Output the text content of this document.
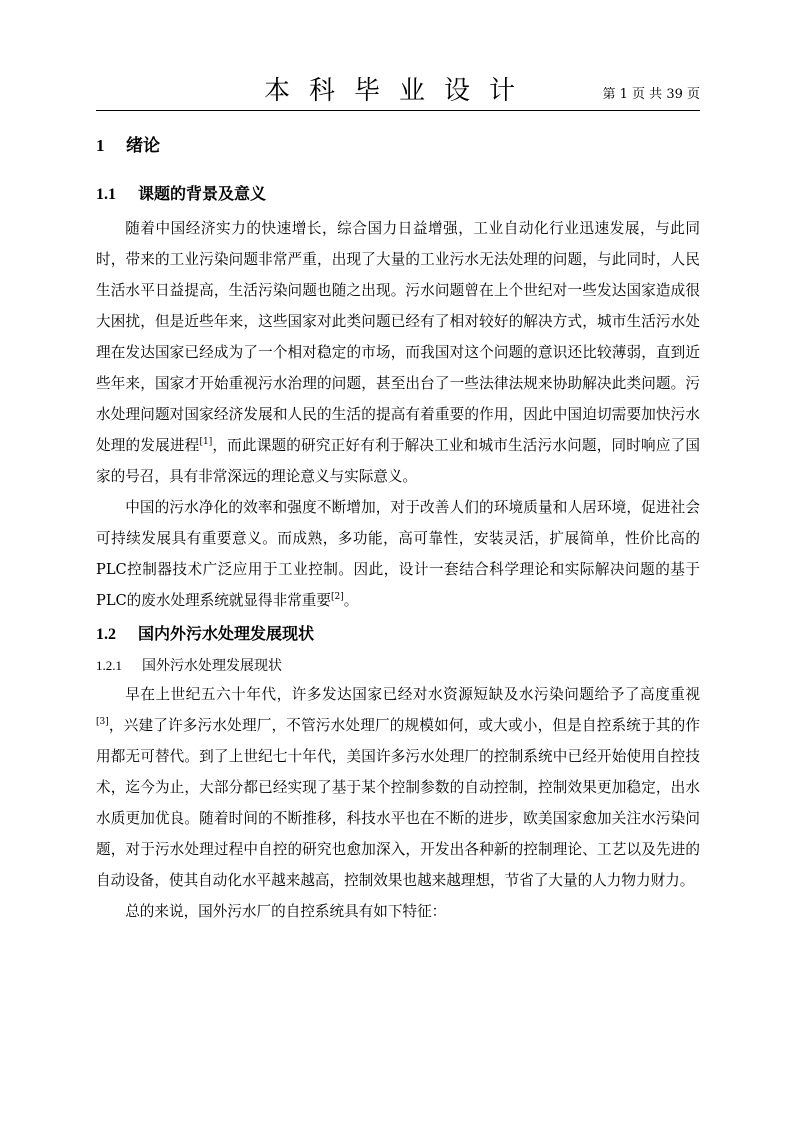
本科毕业设计	第 1 页 共 39 页
1 绪论
1.1 课题的背景及意义

随着中国经济实力的快速增长，综合国力日益增强，工业自动化行业迅速发展，与此同时，带来的工业污染问题非常严重，出现了大量的工业污水无法处理的问题，与此同时，人民生活水平日益提高，生活污染问题也随之出现。污水问题曾在上个世纪对一些发达国家造成很大困扰，但是近些年来，这些国家对此类问题已经有了相对较好的解决方式，城市生活污水处理在发达国家已经成为了一个相对稳定的市场，而我国对这个问题的意识还比较薄弱，直到近些年来，国家才开始重视污水治理的问题，甚至出台了一些法律法规来协助解决此类问题。污水处理问题对国家经济发展和人民的生活的提高有着重要的作用，因此中国迫切需要加快污水处理的发展进程[1]，而此课题的研究正好有利于解决工业和城市生活污水问题，同时响应了国家的号召，具有非常深远的理论意义与实际意义。

中国的污水净化的效率和强度不断增加，对于改善人们的环境质量和人居环境，促进社会可持续发展具有重要意义。而成熟，多功能，高可靠性，安装灵活，扩展简单，性价比高的PLC控制器技术广泛应用于工业控制。因此，设计一套结合科学理论和实际解决问题的基于PLC的废水处理系统就显得非常重要[2]。

1.2 国内外污水处理发展现状
1.2.1 国外污水处理发展现状

早在上世纪五六十年代，许多发达国家已经对水资源短缺及水污染问题给予了高度重视[3]，兴建了许多污水处理厂，不管污水处理厂的规模如何，或大或小，但是自控系统于其的作用都无可替代。到了上世纪七十年代，美国许多污水处理厂的控制系统中已经开始使用自控技术，迄今为止，大部分都已经实现了基于某个控制参数的自动控制，控制效果更加稳定，出水水质更加优良。随着时间的不断推移，科技水平也在不断的进步，欧美国家愈加关注水污染问题，对于污水处理过程中自控的研究也愈加深入，开发出各种新的控制理论、工艺以及先进的自动设备，使其自动化水平越来越高，控制效果也越来越理想，节省了大量的人力物力财力。

总的来说，国外污水厂的自控系统具有如下特征：
